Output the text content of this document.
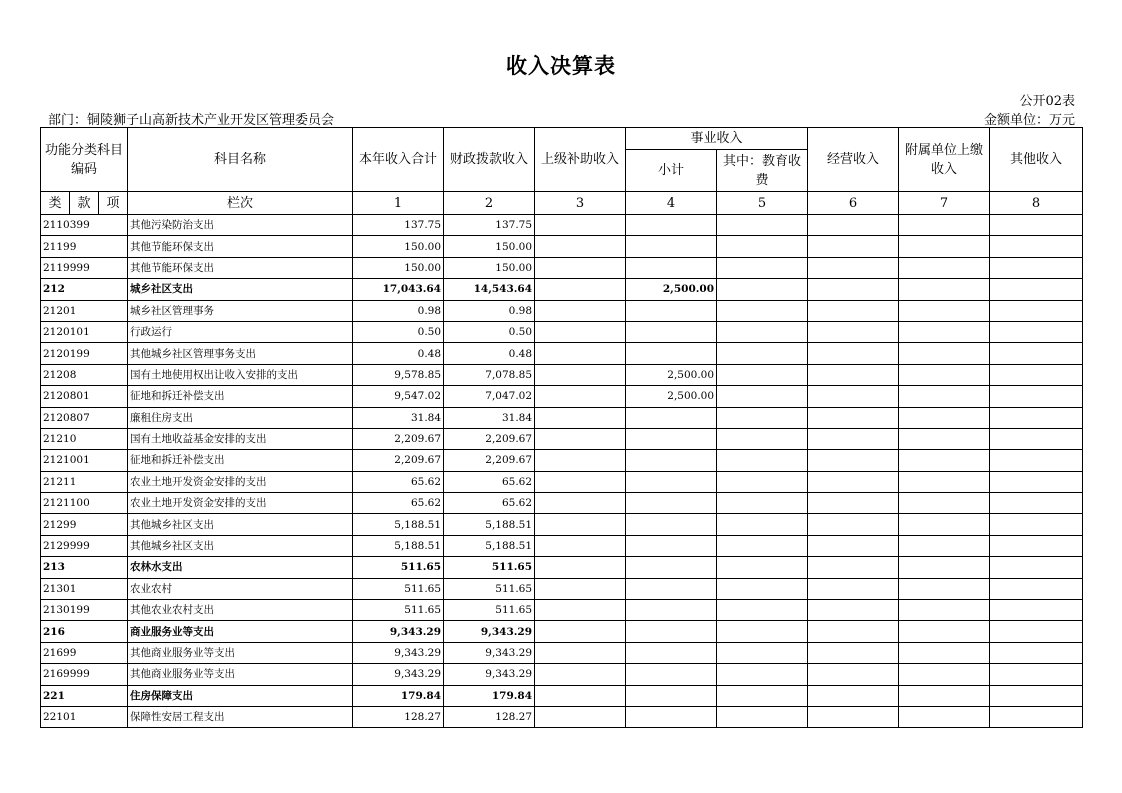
收入决算表
公开02表
部门：铜陵狮子山高新技术产业开发区管理委员会	金额单位：万元
功能分类科目编码			科目名称	本年收入合计	财政拨款收入	上级补助收入	事业收入		经营收入	附属单位上缴收入	其他收入
							小计	其中：教育收费			
类	款	项	栏次	1	2	3	4	5	6	7	8
2110399			其他污染防治支出	137.75	137.75						
21199			其他节能环保支出	150.00	150.00						
2119999			其他节能环保支出	150.00	150.00						
212			城乡社区支出	17,043.64	14,543.64		2,500.00				
21201			城乡社区管理事务	0.98	0.98						
2120101			行政运行	0.50	0.50						
2120199			其他城乡社区管理事务支出	0.48	0.48						
21208			国有土地使用权出让收入安排的支出	9,578.85	7,078.85		2,500.00				
2120801			征地和拆迁补偿支出	9,547.02	7,047.02		2,500.00				
2120807			廉租住房支出	31.84	31.84						
21210			国有土地收益基金安排的支出	2,209.67	2,209.67						
2121001			征地和拆迁补偿支出	2,209.67	2,209.67						
21211			农业土地开发资金安排的支出	65.62	65.62						
2121100			农业土地开发资金安排的支出	65.62	65.62						
21299			其他城乡社区支出	5,188.51	5,188.51						
2129999			其他城乡社区支出	5,188.51	5,188.51						
213			农林水支出	511.65	511.65						
21301			农业农村	511.65	511.65						
2130199			其他农业农村支出	511.65	511.65						
216			商业服务业等支出	9,343.29	9,343.29						
21699			其他商业服务业等支出	9,343.29	9,343.29						
2169999			其他商业服务业等支出	9,343.29	9,343.29						
221			住房保障支出	179.84	179.84						
22101			保障性安居工程支出	128.27	128.27						
